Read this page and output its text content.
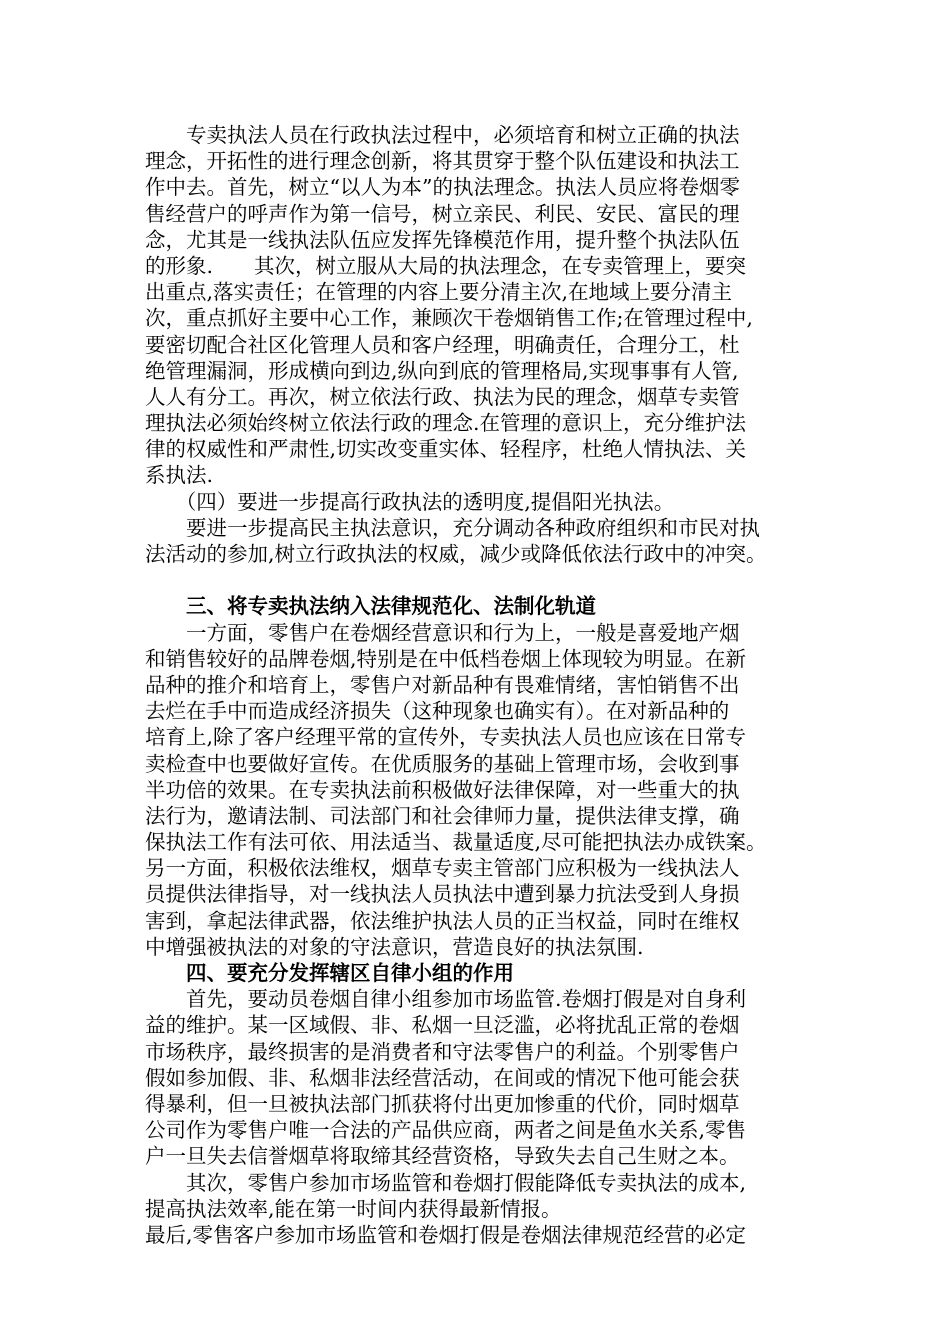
　　专卖执法人员在行政执法过程中，必须培育和树立正确的执法
理念，开拓性的进行理念创新，将其贯穿于整个队伍建设和执法工
作中去。首先，树立“以人为本”的执法理念。执法人员应将卷烟零
售经营户的呼声作为第一信号，树立亲民、利民、安民、富民的理
念，尤其是一线执法队伍应发挥先锋模范作用，提升整个执法队伍
的形象.　　其次，树立服从大局的执法理念，在专卖管理上，要突
出重点,落实责任；在管理的内容上要分清主次,在地域上要分清主
次，重点抓好主要中心工作，兼顾次干卷烟销售工作;在管理过程中,
要密切配合社区化管理人员和客户经理，明确责任，合理分工，杜
绝管理漏洞，形成横向到边,纵向到底的管理格局,实现事事有人管,
人人有分工。再次，树立依法行政、执法为民的理念，烟草专卖管
理执法必须始终树立依法行政的理念.在管理的意识上，充分维护法
律的权威性和严肃性,切实改变重实体、轻程序，杜绝人情执法、关
系执法.
　　（四）要进一步提高行政执法的透明度,提倡阳光执法。
　　要进一步提高民主执法意识，充分调动各种政府组织和市民对执
法活动的参加,树立行政执法的权威，减少或降低依法行政中的冲突。
　　三、将专卖执法纳入法律规范化、法制化轨道
　　一方面，零售户在卷烟经营意识和行为上，一般是喜爱地产烟
和销售较好的品牌卷烟,特别是在中低档卷烟上体现较为明显。在新
品种的推介和培育上，零售户对新品种有畏难情绪，害怕销售不出
去烂在手中而造成经济损失（这种现象也确实有）。在对新品种的
培育上,除了客户经理平常的宣传外，专卖执法人员也应该在日常专
卖检查中也要做好宣传。在优质服务的基础上管理市场，会收到事
半功倍的效果。在专卖执法前积极做好法律保障，对一些重大的执
法行为，邀请法制、司法部门和社会律师力量，提供法律支撑，确
保执法工作有法可依、用法适当、裁量适度,尽可能把执法办成铁案。
另一方面，积极依法维权，烟草专卖主管部门应积极为一线执法人
员提供法律指导，对一线执法人员执法中遭到暴力抗法受到人身损
害到，拿起法律武器，依法维护执法人员的正当权益，同时在维权
中增强被执法的对象的守法意识，营造良好的执法氛围.
　　四、要充分发挥辖区自律小组的作用
　　首先，要动员卷烟自律小组参加市场监管.卷烟打假是对自身利
益的维护。某一区域假、非、私烟一旦泛滥，必将扰乱正常的卷烟
市场秩序，最终损害的是消费者和守法零售户的利益。个别零售户
假如参加假、非、私烟非法经营活动，在间或的情况下他可能会获
得暴利，但一旦被执法部门抓获将付出更加惨重的代价，同时烟草
公司作为零售户唯一合法的产品供应商，两者之间是鱼水关系,零售
户一旦失去信誉烟草将取缔其经营资格，导致失去自己生财之本。
　　其次，零售户参加市场监管和卷烟打假能降低专卖执法的成本,
提高执法效率,能在第一时间内获得最新情报。
最后,零售客户参加市场监管和卷烟打假是卷烟法律规范经营的必定
